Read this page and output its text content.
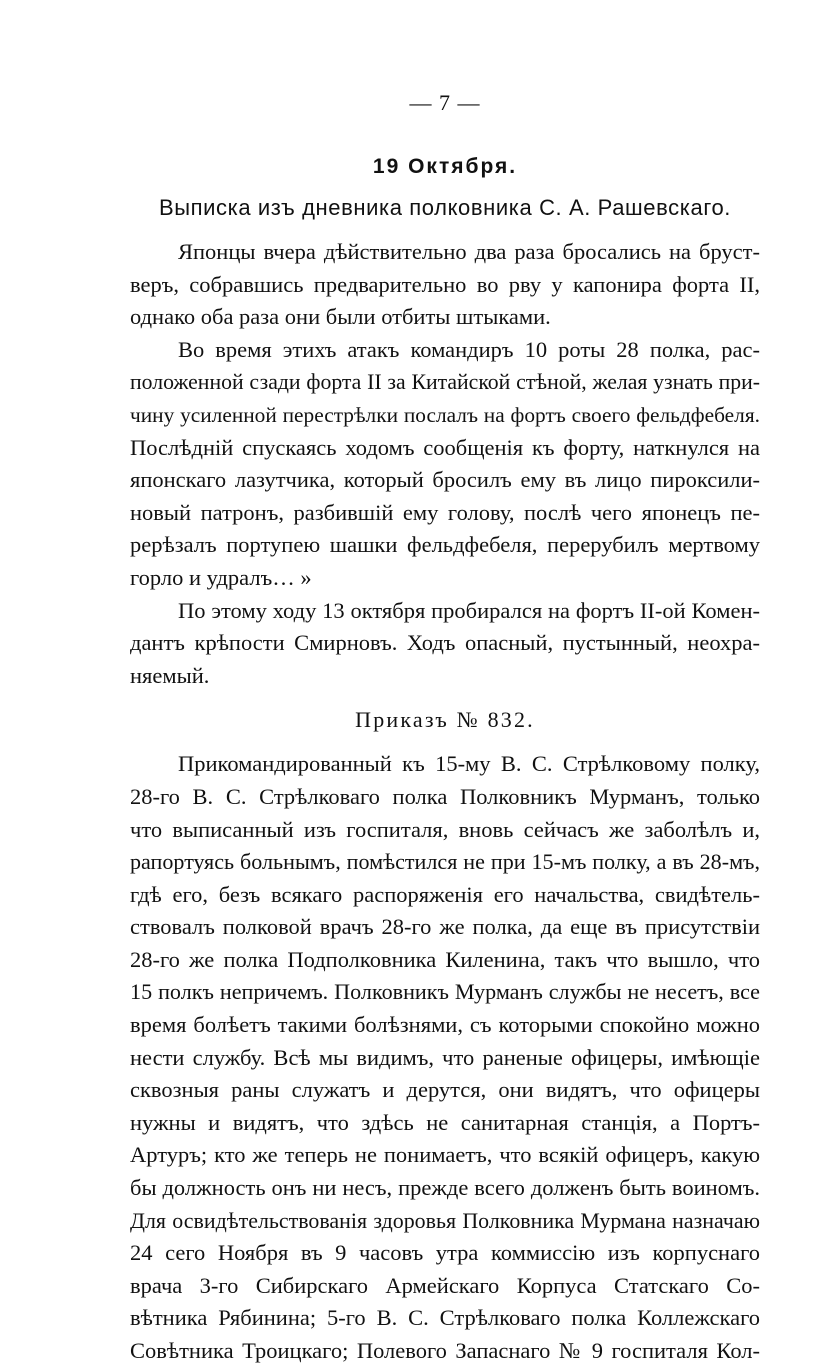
— 7 —
19 Октября.
Выписка изъ дневника полковника С. А. Рашевскаго.
Японцы вчера дѣйствительно два раза бросались на бруст-
веръ, собравшись предварительно во рву у капонира форта II,
однако оба раза они были отбиты штыками.
Во время этихъ атакъ командиръ 10 роты 28 полка, рас-
положенной сзади форта II за Китайской стѣной, желая узнать при-
чину усиленной перестрѣлки послалъ на фортъ своего фельдфебеля.
Послѣднiй спускаясь ходомъ сообщенiя къ форту, наткнулся на
японскаго лазутчика, который бросилъ ему въ лицо пироксили-
новый патронъ, разбившiй ему голову, послѣ чего японецъ пе-
рерѣзалъ портупею шашки фельдфебеля, перерубилъ мертвому
горло и удралъ… »
По этому ходу 13 октября пробирался на фортъ II-ой Комен-
дантъ крѣпости Смирновъ. Ходъ опасный, пустынный, неохра-
няемый.
Приказъ № 832.
Прикомандированный къ 15-му В. С. Стрѣлковому полку,
28-го В. С. Стрѣлковаго полка Полковникъ Мурманъ, только
что выписанный изъ госпиталя, вновь сейчасъ же заболѣлъ и,
рапортуясь больнымъ, помѣстился не при 15-мъ полку, а въ 28-мъ,
гдѣ его, безъ всякаго распоряженiя его начальства, свидѣтель-
ствовалъ полковой врачъ 28-го же полка, да еще въ присутствiи
28-го же полка Подполковника Киленина, такъ что вышло, что
15 полкъ непричемъ. Полковникъ Мурманъ службы не несетъ, все
время болѣетъ такими болѣзнями, съ которыми спокойно можно
нести службу. Всѣ мы видимъ, что раненые офицеры, имѣющiе
сквозныя раны служатъ и дерутся, они видятъ, что офицеры
нужны и видятъ, что здѣсь не санитарная станцiя, а Портъ-
Артуръ; кто же теперь не понимаетъ, что всякiй офицеръ, какую
бы должность онъ ни несъ, прежде всего долженъ быть воиномъ.
Для освидѣтельствованiя здоровья Полковника Мурмана назначаю
24 сего Ноября въ 9 часовъ утра коммиссiю изъ корпуснаго
врача 3-го Сибирскаго Армейскаго Корпуса Статскаго Со-
вѣтника Рябинина; 5-го В. С. Стрѣлковаго полка Коллежскаго
Совѣтника Троицкаго; Полевого Запаснаго № 9 госпиталя Кол-
